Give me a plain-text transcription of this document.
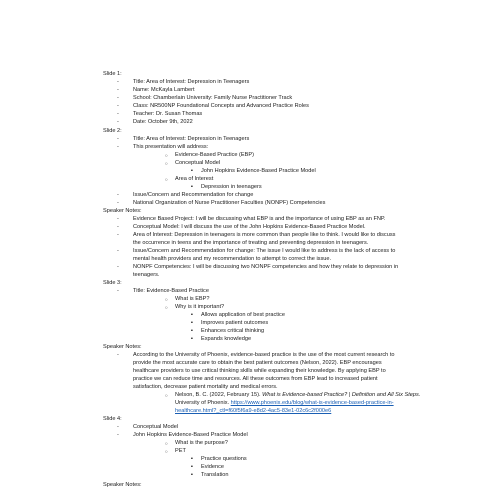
Slide 1:
- Title: Area of Interest: Depression in Teenagers
- Name: McKayla Lambert
- School: Chamberlain University: Family Nurse Practitioner Track
- Class: NR500NP Foundational Concepts and Advanced Practice Roles
- Teacher: Dr. Susan Thomas
- Date: October 9th, 2022
Slide 2:
- Title: Area of Interest: Depression in Teenagers
- This presentation will address:
○ Evidence-Based Practice (EBP)
○ Conceptual Model
▪ John Hopkins Evidence-Based Practice Model
○ Area of Interest
▪ Depression in teenagers
- Issue/Concern and Recommendation for change
- National Organization of Nurse Practitioner Faculties (NONPF) Competencies
Speaker Notes:
- Evidence Based Project: I will be discussing what EBP is and the importance of using EBP as an FNP.
- Conceptual Model: I will discuss the use of the John Hopkins Evidence-Based Practice Model.
- Area of Interest: Depression in teenagers is more common than people like to think. I would like to discuss
the occurrence in teens and the importance of treating and preventing depression in teenagers.
- Issue/Concern and Recommendation for change: The issue I would like to address is the lack of access to
mental health providers and my recommendation to attempt to correct the issue.
- NONPF Competencies: I will be discussing two NONPF competencies and how they relate to depression in
teenagers.
Slide 3:
- Title: Evidence-Based Practice
○ What is EBP?
○ Why is it important?
▪ Allows application of best practice
▪ Improves patient outcomes
▪ Enhances critical thinking
▪ Expands knowledge
Speaker Notes:
- According to the University of Phoenix, evidence-based practice is the use of the most current research to
provide the most accurate care to obtain the best patient outcomes (Nelson, 2022). EBP encourages
healthcare providers to use critical thinking skills while expanding their knowledge. By applying EBP to
practice we can reduce time and resources. All these outcomes from EBP lead to increased patient
satisfaction, decrease patient mortality and medical errors.
○ Nelson, B. C. (2022, February 15). What is Evidence-based Practice? | Definition and All Six Steps.
University of Phoenix. https://www.phoenix.edu/blog/what-is-evidence-based-practice-in-
healthcare.html?_ctl=f60f5f6a9-e8d2-4ac5-83e1-02c6c2f000e6
Slide 4:
- Conceptual Model
- John Hopkins Evidence-Based Practice Model
○ What is the purpose?
○ PET
▪ Practice questions
▪ Evidence
▪ Translation
Speaker Notes:
